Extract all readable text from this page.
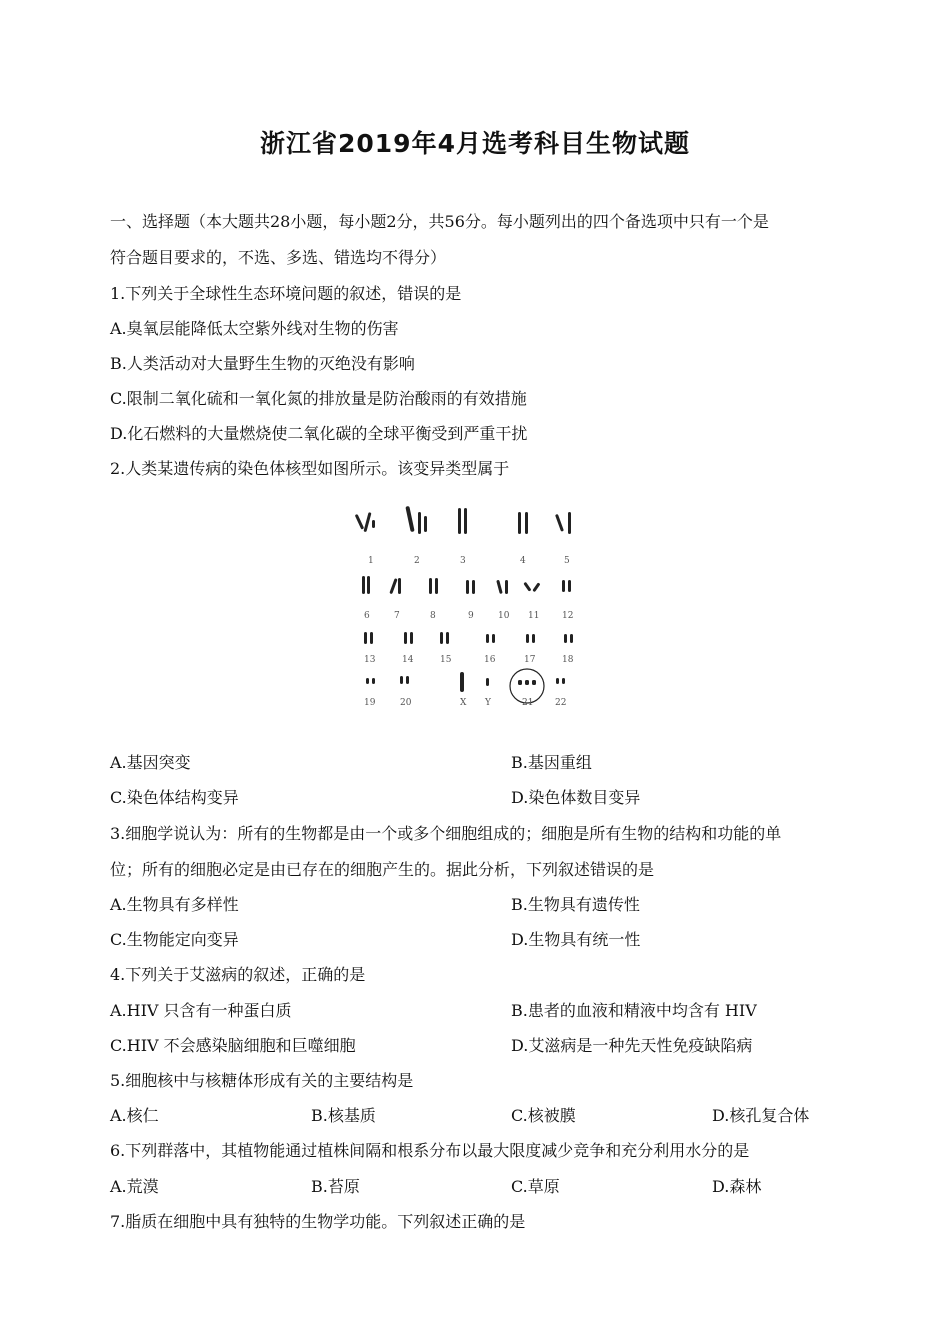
浙江省2019年4月选考科目生物试题
一、选择题（本大题共28小题，每小题2分，共56分。每小题列出的四个备选项中只有一个是
符合题目要求的，不选、多选、错选均不得分）
1.下列关于全球性生态环境问题的叙述，错误的是
A.臭氧层能降低太空紫外线对生物的伤害
B.人类活动对大量野生生物的灭绝没有影响
C.限制二氧化硫和一氧化氮的排放量是防治酸雨的有效措施
D.化石燃料的大量燃烧使二氧化碳的全球平衡受到严重干扰
2.人类某遗传病的染色体核型如图所示。该变异类型属于
1	2	3	4	5
6	7	8	9	10 11	12
13	14	15	16	17	18
19	20	X Y	21 22
A.基因突变	B.基因重组
C.染色体结构变异	D.染色体数目变异
3.细胞学说认为：所有的生物都是由一个或多个细胞组成的；细胞是所有生物的结构和功能的单
位；所有的细胞必定是由已存在的细胞产生的。据此分析，下列叙述错误的是
A.生物具有多样性	B.生物具有遗传性
C.生物能定向变异	D.生物具有统一性
4.下列关于艾滋病的叙述，正确的是
A.HIV 只含有一种蛋白质	B.患者的血液和精液中均含有 HIV
C.HIV 不会感染脑细胞和巨噬细胞	D.艾滋病是一种先天性免疫缺陷病
5.细胞核中与核糖体形成有关的主要结构是
A.核仁	B.核基质	C.核被膜	D.核孔复合体
6.下列群落中，其植物能通过植株间隔和根系分布以最大限度减少竞争和充分利用水分的是
A.荒漠	B.苔原	C.草原	D.森林
7.脂质在细胞中具有独特的生物学功能。下列叙述正确的是
